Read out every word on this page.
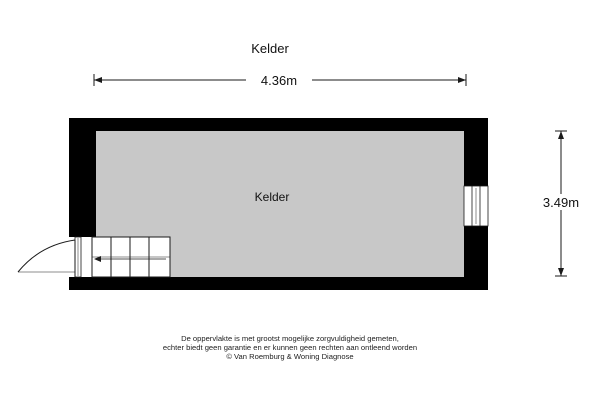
Kelder
4.36m
3.49m
Kelder
De oppervlakte is met grootst mogelijke zorgvuldigheid gemeten,
echter biedt geen garantie en er kunnen geen rechten aan ontleend worden
© Van Roemburg & Woning Diagnose
